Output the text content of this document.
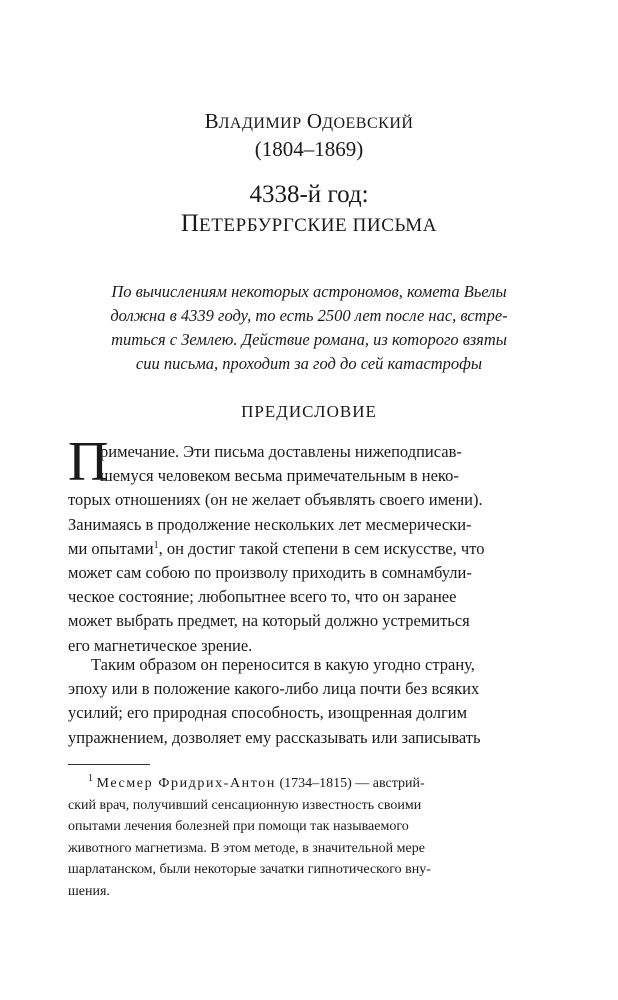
ВЛАДИМИР ОДОЕВСКИЙ
(1804–1869)
4338-й год:
ПЕТЕРБУРГСКИЕ ПИСЬМА
По вычислениям некоторых астрономов, комета Вьелы
должна в 4339 году, то есть 2500 лет после нас, встре-
титься с Землею. Действие романа, из которого взяты
сии письма, проходит за год до сей катастрофы
ПРЕДИСЛОВИЕ
П
римечание. Эти письма доставлены нижеподписав-
шемуся человеком весьма примечательным в неко-
торых отношениях (он не желает объявлять своего имени).
Занимаясь в продолжение нескольких лет месмерически-
ми опытами$^1$, он достиг такой степени в сем искусстве, что
может сам собою по произволу приходить в сомнамбули-
ческое состояние; любопытнее всего то, что он заранее
может выбрать предмет, на который должно устремиться
его магнетическое зрение.
Таким образом он переносится в какую угодно страну,
эпоху или в положение какого-либо лица почти без всяких
усилий; его природная способность, изощренная долгим
упражнением, дозволяет ему рассказывать или записывать
$^1$ Месмер Фридрих-Антон (1734–1815) — австрий-
ский врач, получивший сенсационную известность своими
опытами лечения болезней при помощи так называемого
животного магнетизма. В этом методе, в значительной мере
шарлатанском, были некоторые зачатки гипнотического вну-
шения.
